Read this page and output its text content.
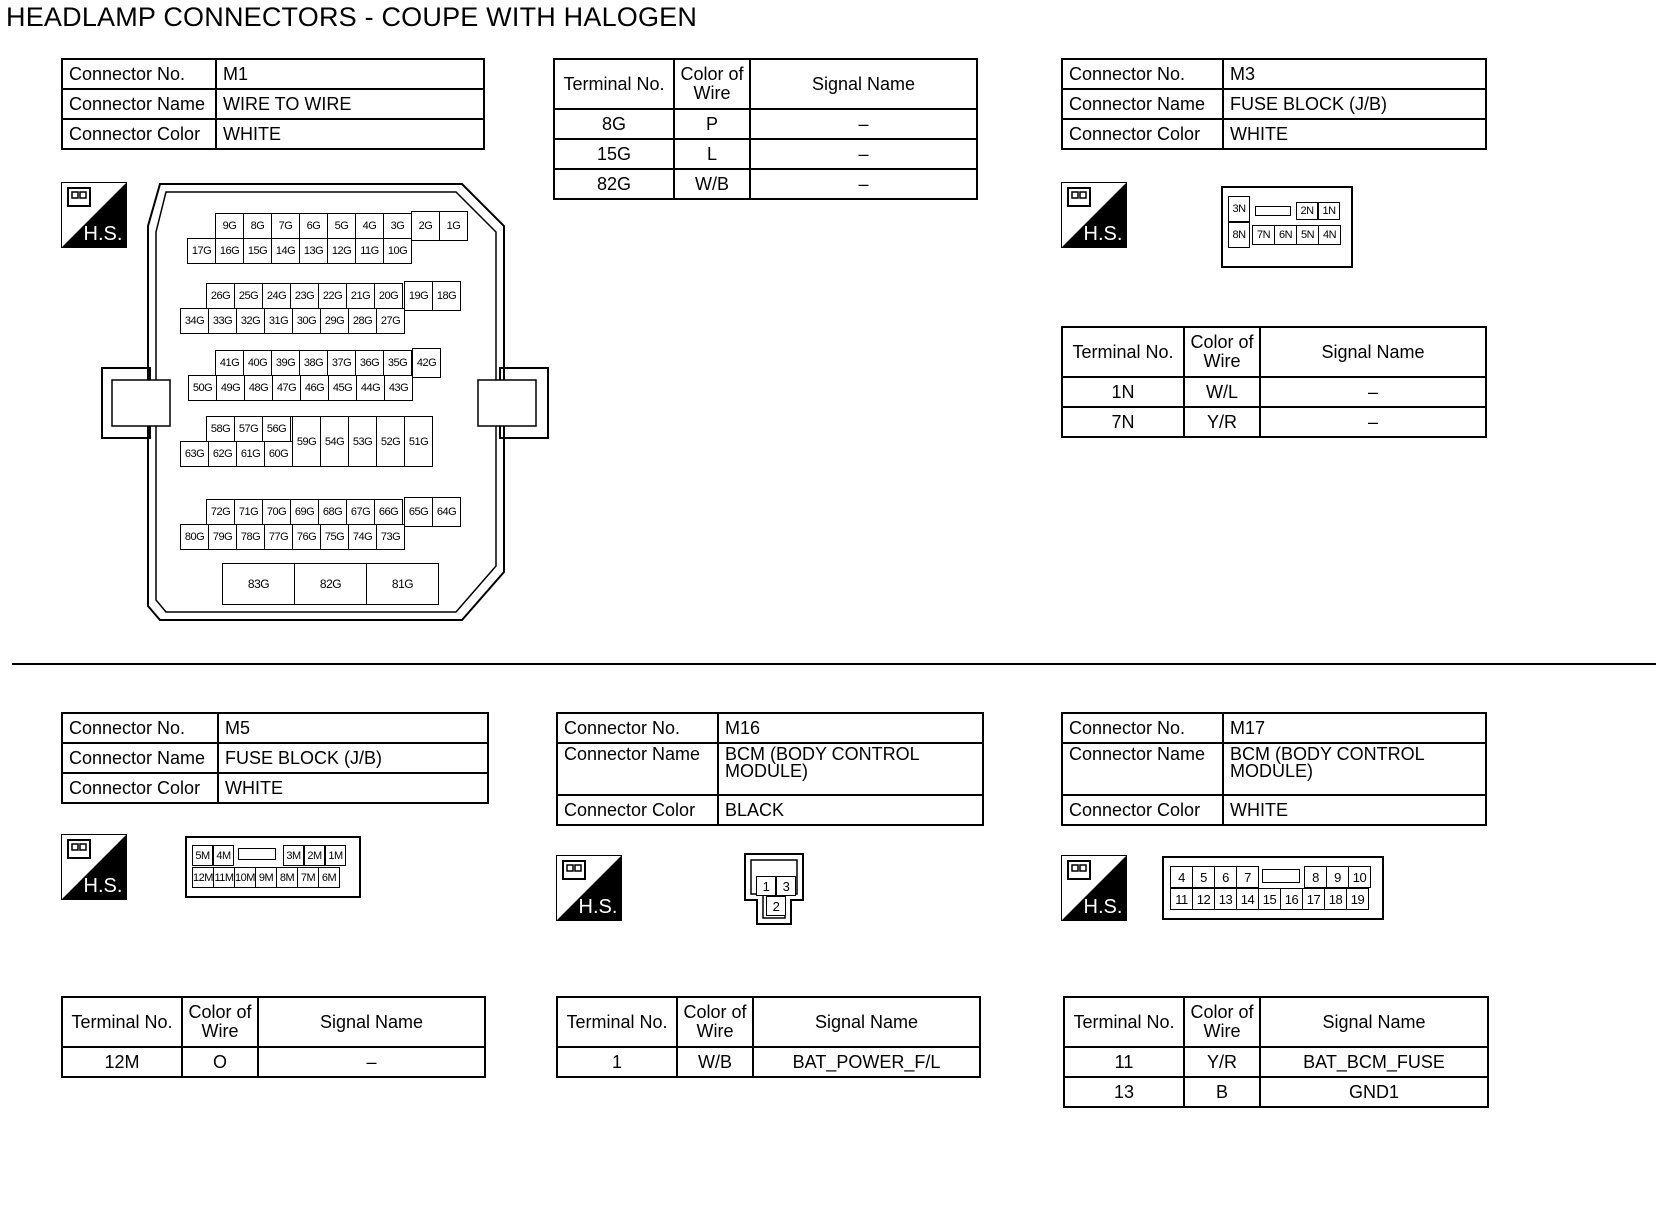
HEADLAMP CONNECTORS - COUPE WITH HALOGEN
Connector No.	M1
Connector Name	WIRE TO WIRE
Connector Color	WHITE
H.S.
Terminal No.	Color of Wire	Signal Name
8G	P	–
15G	L	–
82G	W/B	–
9G	8G	7G	6G	5G	4G	3G
17G 16G 15G 14G 13G 12G 11G 10G
2G	1G
26G 25G 24G 23G 22G 21G 20G
34G 33G 32G 31G 30G 29G 28G 27G
19G 18G
41G 40G 39G 38G 37G 36G 35G
50G 49G 48G 47G 46G 45G 44G 43G
42G
58G 57G 56G
63G 62G 61G 60G
59G 54G 53G 52G 51G
72G 71G 70G 69G 68G 67G 66G
80G 79G 78G 77G 76G 75G 74G 73G
65G 64G
83G	82G	81G
Connector No.	M3
Connector Name	FUSE BLOCK (J/B)
Connector Color	WHITE
H.S.
3N	2N 1N
8N	7N 6N 5N 4N
Terminal No.	Color of Wire	Signal Name
1N	W/L	–
7N	Y/R	–
Connector No.	M5
Connector Name	FUSE BLOCK (J/B)
Connector Color	WHITE
H.S.
5M 4M	3M 2M 1M
12M 11M 10M 9M 8M 7M 6M
Terminal No.	Color of Wire	Signal Name
12M	O	–
Connector No.	M16
Connector Name	BCM (BODY CONTROL MODULE)
Connector Color	BLACK
H.S.
1	3
2
Terminal No.	Color of Wire	Signal Name
1	W/B	BAT_POWER_F/L
Connector No.	M17
Connector Name	BCM (BODY CONTROL MODULE)
Connector Color	WHITE
H.S.
4	5	6	7	8	9 10
11 12 13 14 15 16 17 18 19
Terminal No.	Color of Wire	Signal Name
11	Y/R	BAT_BCM_FUSE
13	B	GND1
